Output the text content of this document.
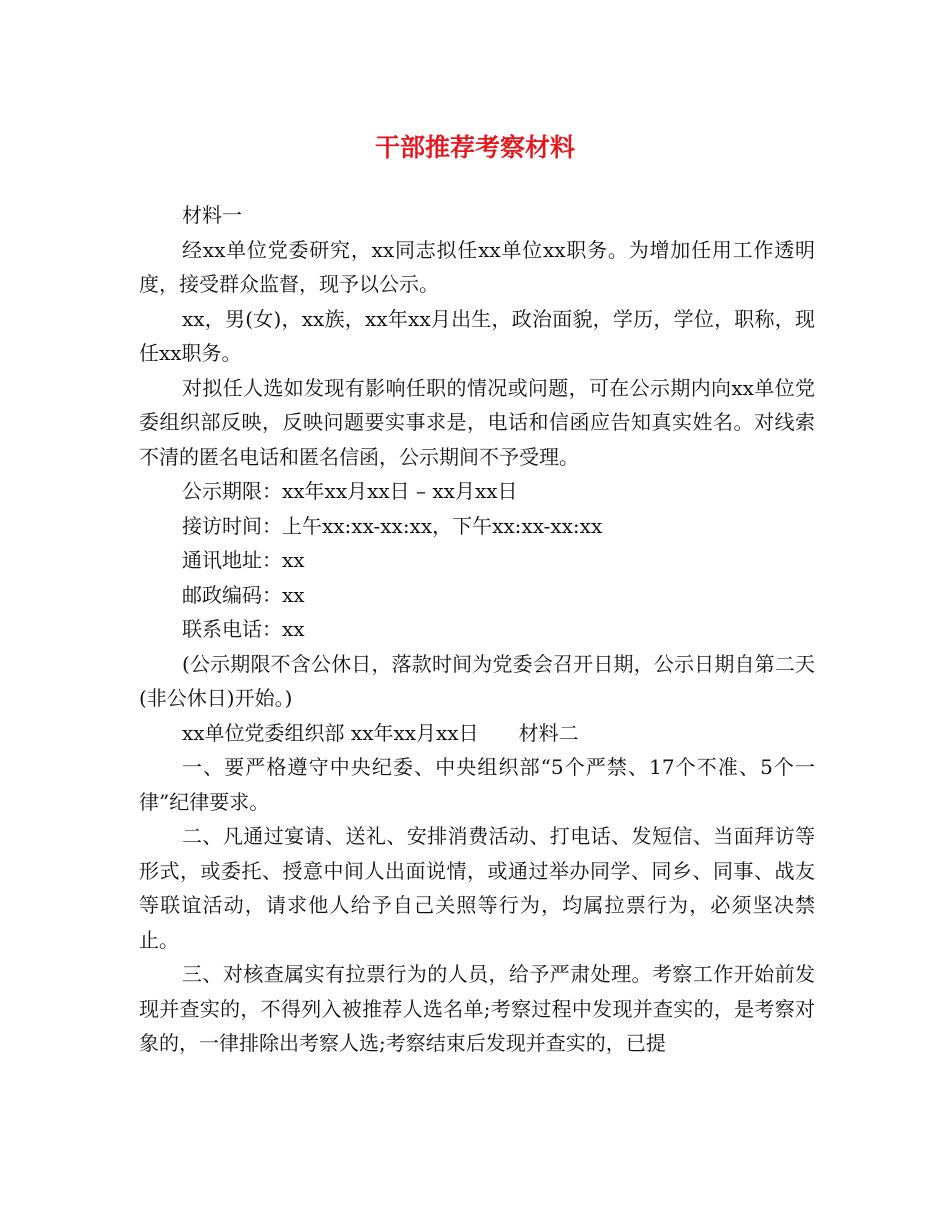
干部推荐考察材料

材料一

经xx单位党委研究，xx同志拟任xx单位xx职务。为增加任用工作透明度，接受群众监督，现予以公示。

xx，男(女)，xx族，xx年xx月出生，政治面貌，学历，学位，职称，现任xx职务。

对拟任人选如发现有影响任职的情况或问题，可在公示期内向xx单位党委组织部反映，反映问题要实事求是，电话和信函应告知真实姓名。对线索不清的匿名电话和匿名信函，公示期间不予受理。

公示期限：xx年xx月xx日 – xx月xx日

接访时间：上午xx:xx-xx:xx，下午xx:xx-xx:xx

通讯地址：xx

邮政编码：xx

联系电话：xx

(公示期限不含公休日，落款时间为党委会召开日期，公示日期自第二天(非公休日)开始。)

xx单位党委组织部 xx年xx月xx日　　材料二

一、要严格遵守中央纪委、中央组织部“5个严禁、17个不准、5个一律”纪律要求。

二、凡通过宴请、送礼、安排消费活动、打电话、发短信、当面拜访等形式，或委托、授意中间人出面说情，或通过举办同学、同乡、同事、战友等联谊活动，请求他人给予自己关照等行为，均属拉票行为，必须坚决禁止。

三、对核查属实有拉票行为的人员，给予严肃处理。考察工作开始前发现并查实的，不得列入被推荐人选名单;考察过程中发现并查实的，是考察对象的，一律排除出考察人选;考察结束后发现并查实的，已提
